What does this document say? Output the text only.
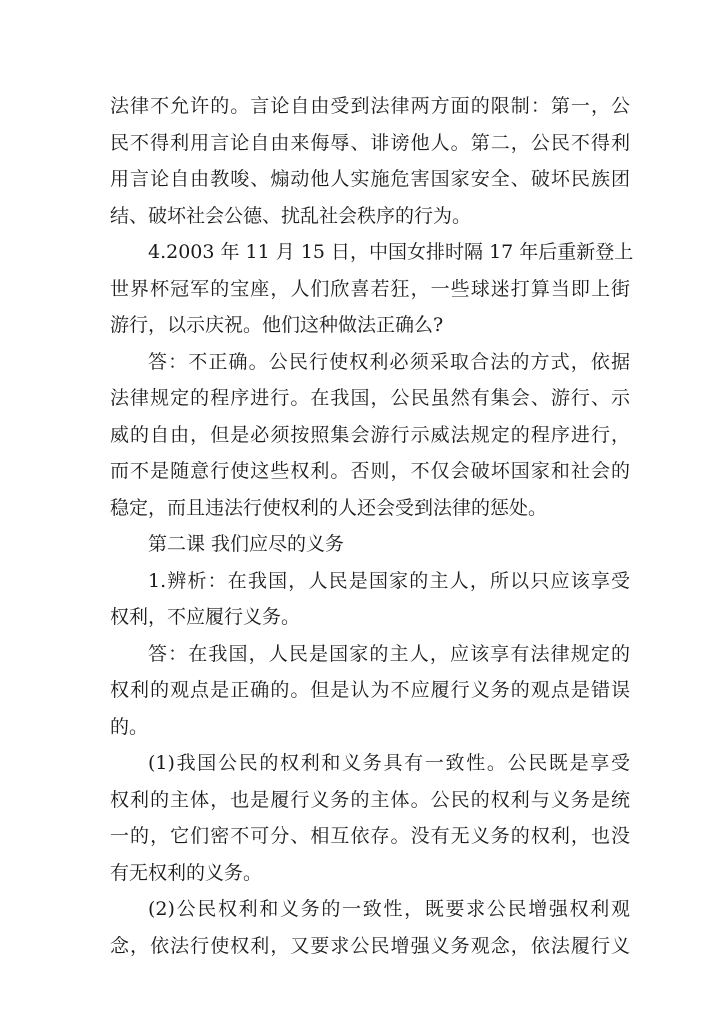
法律不允许的。言论自由受到法律两方面的限制：第一，公
民不得利用言论自由来侮辱、诽谤他人。第二，公民不得利
用言论自由教唆、煽动他人实施危害国家安全、破坏民族团
结、破坏社会公德、扰乱社会秩序的行为。
4.2003 年 11 月 15 日，中国女排时隔 17 年后重新登上
世界杯冠军的宝座，人们欣喜若狂，一些球迷打算当即上街
游行，以示庆祝。他们这种做法正确么?
答：不正确。公民行使权利必须采取合法的方式，依据
法律规定的程序进行。在我国，公民虽然有集会、游行、示
威的自由，但是必须按照集会游行示威法规定的程序进行，
而不是随意行使这些权利。否则，不仅会破坏国家和社会的
稳定，而且违法行使权利的人还会受到法律的惩处。
第二课 我们应尽的义务
1.辨析：在我国，人民是国家的主人，所以只应该享受
权利，不应履行义务。
答：在我国，人民是国家的主人，应该享有法律规定的
权利的观点是正确的。但是认为不应履行义务的观点是错误
的。
(1)我国公民的权利和义务具有一致性。公民既是享受
权利的主体，也是履行义务的主体。公民的权利与义务是统
一的，它们密不可分、相互依存。没有无义务的权利，也没
有无权利的义务。
(2)公民权利和义务的一致性，既要求公民增强权利观
念，依法行使权利，又要求公民增强义务观念，依法履行义
